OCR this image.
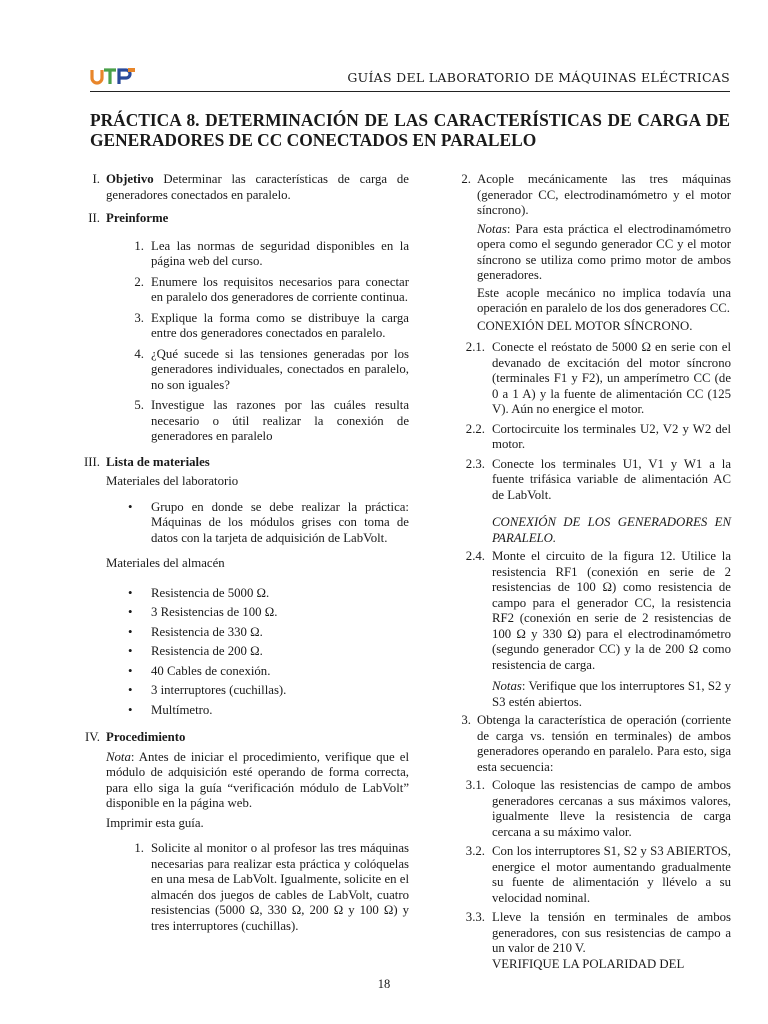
GUÍAS DEL LABORATORIO DE MÁQUINAS ELÉCTRICAS
PRÁCTICA 8. DETERMINACIÓN DE LAS CARACTERÍSTICAS DE CARGA DE GENERADORES DE CC CONECTADOS EN PARALELO
I. Objetivo Determinar las características de carga de generadores conectados en paralelo.
II. Preinforme
1. Lea las normas de seguridad disponibles en la página web del curso.
2. Enumere los requisitos necesarios para conectar en paralelo dos generadores de corriente continua.
3. Explique la forma como se distribuye la carga entre dos generadores conectados en paralelo.
4. ¿Qué sucede si las tensiones generadas por los generadores individuales, conectados en paralelo, no son iguales?
5. Investigue las razones por las cuáles resulta necesario o útil realizar la conexión de generadores en paralelo
III. Lista de materiales

Materiales del laboratorio

• Grupo en donde se debe realizar la práctica: Máquinas de los módulos grises con toma de datos con la tarjeta de adquisición de LabVolt.

Materiales del almacén

• Resistencia de 5000 Ω.
• 3 Resistencias de 100 Ω.
• Resistencia de 330 Ω.
• Resistencia de 200 Ω.
• 40 Cables de conexión.
• 3 interruptores (cuchillas).
• Multímetro.
IV. Procedimiento

Nota: Antes de iniciar el procedimiento, verifique que el módulo de adquisición esté operando de forma correcta, para ello siga la guía “verificación módulo de LabVolt” disponible en la página web.

Imprimir esta guía.

1. Solicite al monitor o al profesor las tres máquinas necesarias para realizar esta práctica y colóquelas en una mesa de LabVolt. Igualmente, solicite en el almacén dos juegos de cables de LabVolt, cuatro resistencias (5000 Ω, 330 Ω, 200 Ω y 100 Ω) y tres interruptores (cuchillas).
2. Acople mecánicamente las tres máquinas (generador CC, electrodinamómetro y el motor síncrono).
Notas: Para esta práctica el electrodinamómetro opera como el segundo generador CC y el motor síncrono se utiliza como primo motor de ambos generadores.
Este acople mecánico no implica todavía una operación en paralelo de los dos generadores CC.
CONEXIÓN DEL MOTOR SÍNCRONO.
2.1. Conecte el reóstato de 5000 Ω en serie con el devanado de excitación del motor síncrono (terminales F1 y F2), un amperímetro CC (de 0 a 1 A) y la fuente de alimentación CC (125 V). Aún no energice el motor.
2.2. Cortocircuite los terminales U2, V2 y W2 del motor.
2.3. Conecte los terminales U1, V1 y W1 a la fuente trifásica variable de alimentación AC de LabVolt.
CONEXIÓN DE LOS GENERADORES EN PARALELO.
2.4. Monte el circuito de la figura 12. Utilice la resistencia RF1 (conexión en serie de 2 resistencias de 100 Ω) como resistencia de campo para el generador CC, la resistencia RF2 (conexión en serie de 2 resistencias de 100 Ω y 330 Ω) para el electrodinamómetro (segundo generador CC) y la de 200 Ω como resistencia de carga.
Notas: Verifique que los interruptores S1, S2 y S3 estén abiertos.
3. Obtenga la característica de operación (corriente de carga vs. tensión en terminales) de ambos generadores operando en paralelo. Para esto, siga esta secuencia:
3.1. Coloque las resistencias de campo de ambos generadores cercanas a sus máximos valores, igualmente lleve la resistencia de carga cercana a su máximo valor.
3.2. Con los interruptores S1, S2 y S3 ABIERTOS, energice el motor aumentando gradualmente su fuente de alimentación y llévelo a su velocidad nominal.
3.3. Lleve la tensión en terminales de ambos generadores, con sus resistencias de campo a un valor de 210 V.
VERIFIQUE LA POLARIDAD DEL
18
